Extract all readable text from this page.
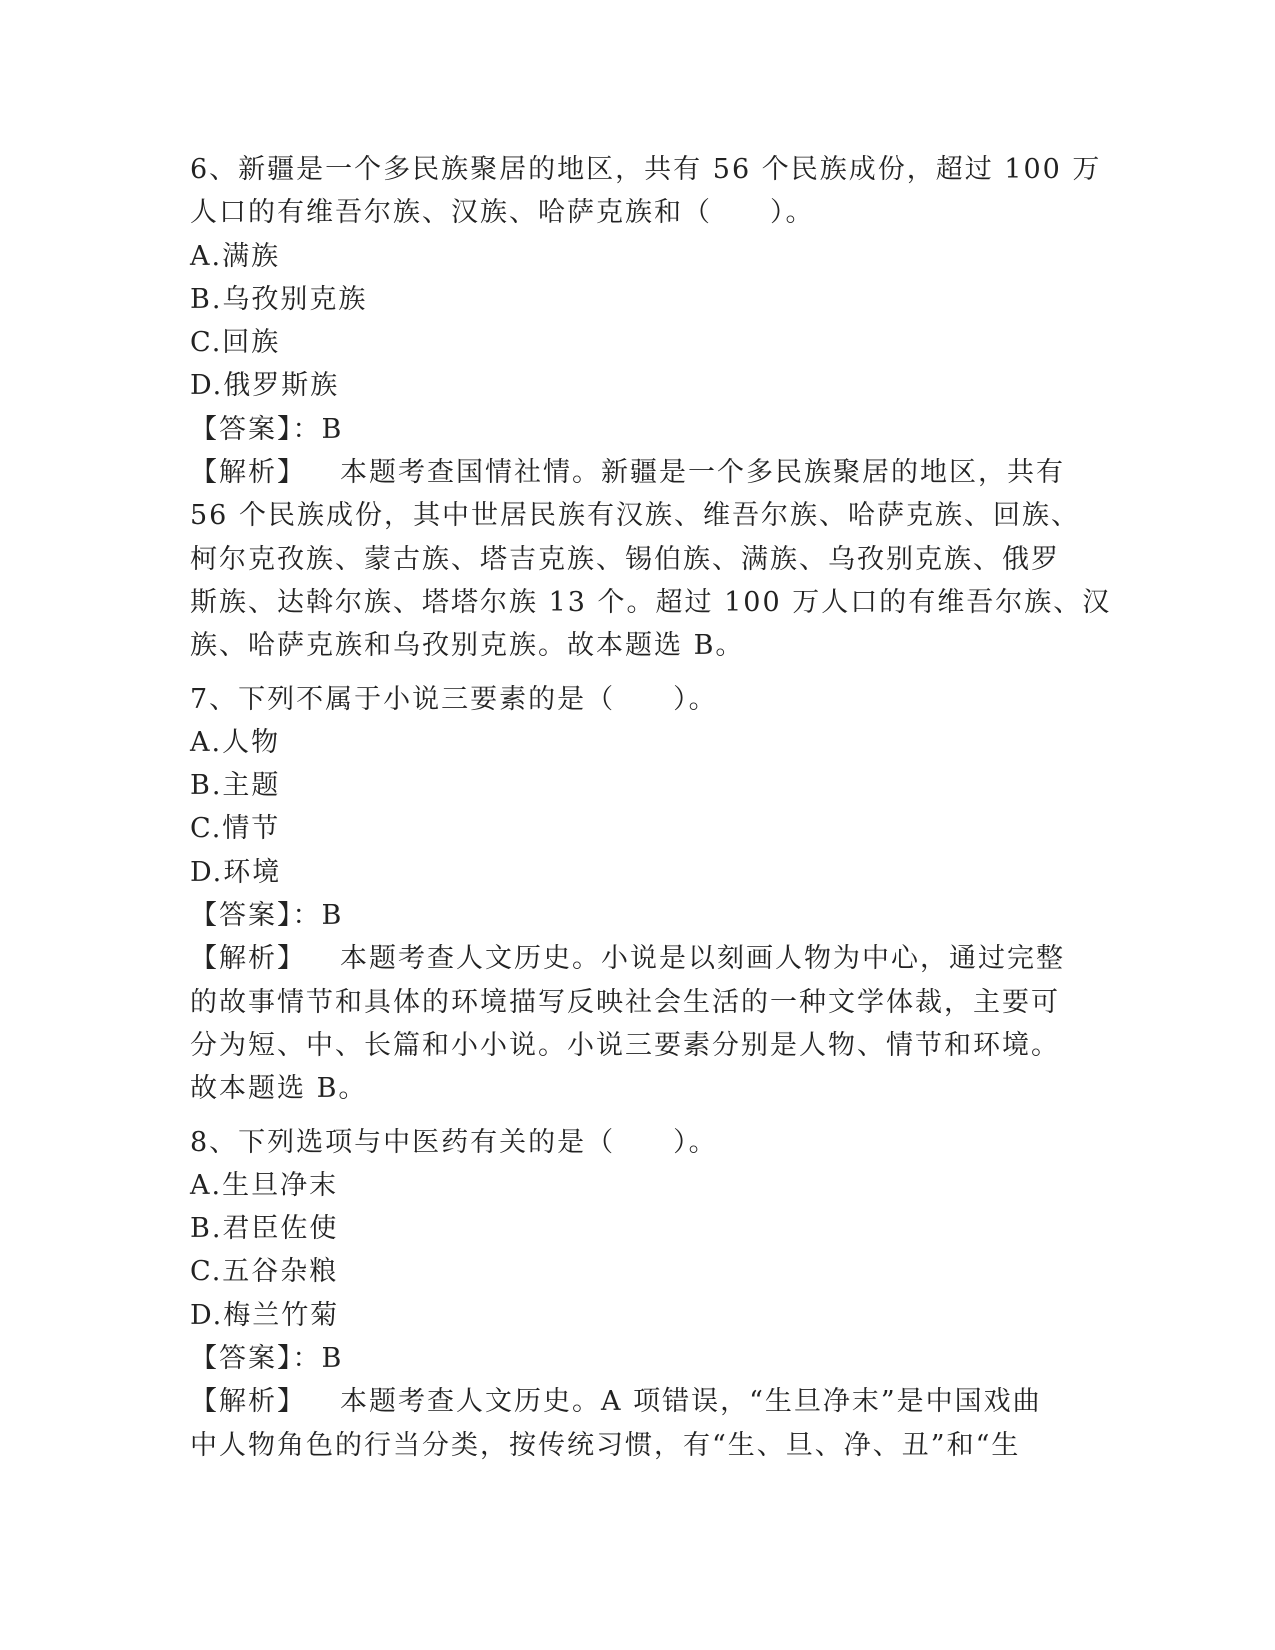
6、新疆是一个多民族聚居的地区，共有 56 个民族成份，超过 100 万
人口的有维吾尔族、汉族、哈萨克族和（　　）。
A.满族
B.乌孜别克族
C.回族
D.俄罗斯族
【答案】：B
【解析】 本题考查国情社情。新疆是一个多民族聚居的地区，共有
56 个民族成份，其中世居民族有汉族、维吾尔族、哈萨克族、回族、
柯尔克孜族、蒙古族、塔吉克族、锡伯族、满族、乌孜别克族、俄罗
斯族、达斡尔族、塔塔尔族 13 个。超过 100 万人口的有维吾尔族、汉
族、哈萨克族和乌孜别克族。故本题选 B。
7、下列不属于小说三要素的是（　　）。
A.人物
B.主题
C.情节
D.环境
【答案】：B
【解析】 本题考查人文历史。小说是以刻画人物为中心，通过完整
的故事情节和具体的环境描写反映社会生活的一种文学体裁，主要可
分为短、中、长篇和小小说。小说三要素分别是人物、情节和环境。
故本题选 B。
8、下列选项与中医药有关的是（　　）。
A.生旦净末
B.君臣佐使
C.五谷杂粮
D.梅兰竹菊
【答案】：B
【解析】 本题考查人文历史。A 项错误，“生旦净末”是中国戏曲
中人物角色的行当分类，按传统习惯，有“生、旦、净、丑”和“生
